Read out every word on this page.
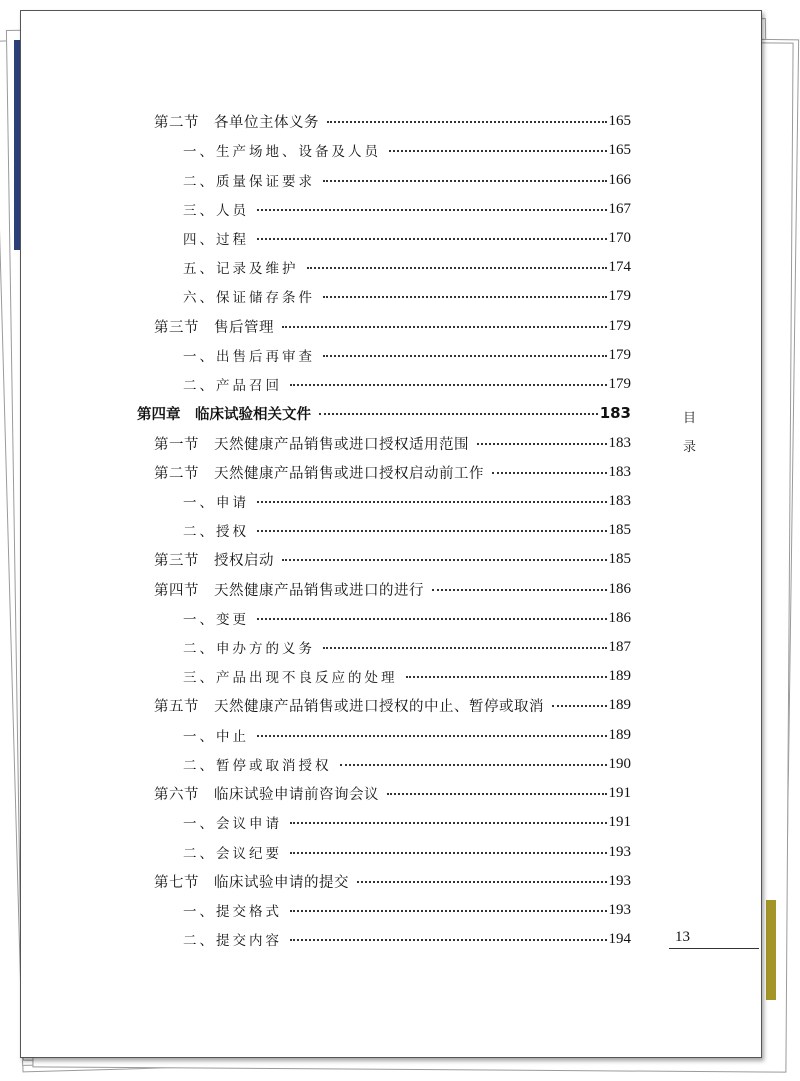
第二节　各单位主体义务	165
一、生产场地、设备及人员	165
二、质量保证要求	166
三、人员	167
四、过程	170
五、记录及维护	174
六、保证储存条件	179
第三节　售后管理	179
一、出售后再审查	179
二、产品召回	179
第四章　临床试验相关文件	183
第一节　天然健康产品销售或进口授权适用范围	183
第二节　天然健康产品销售或进口授权启动前工作	183
一、申请	183
二、授权	185
第三节　授权启动	185
第四节　天然健康产品销售或进口的进行	186
一、变更	186
二、申办方的义务	187
三、产品出现不良反应的处理	189
第五节　天然健康产品销售或进口授权的中止、暂停或取消	189
一、中止	189
二、暂停或取消授权	190
第六节　临床试验申请前咨询会议	191
一、会议申请	191
二、会议纪要	193
第七节　临床试验申请的提交	193
一、提交格式	193
二、提交内容	194
目
录
13
